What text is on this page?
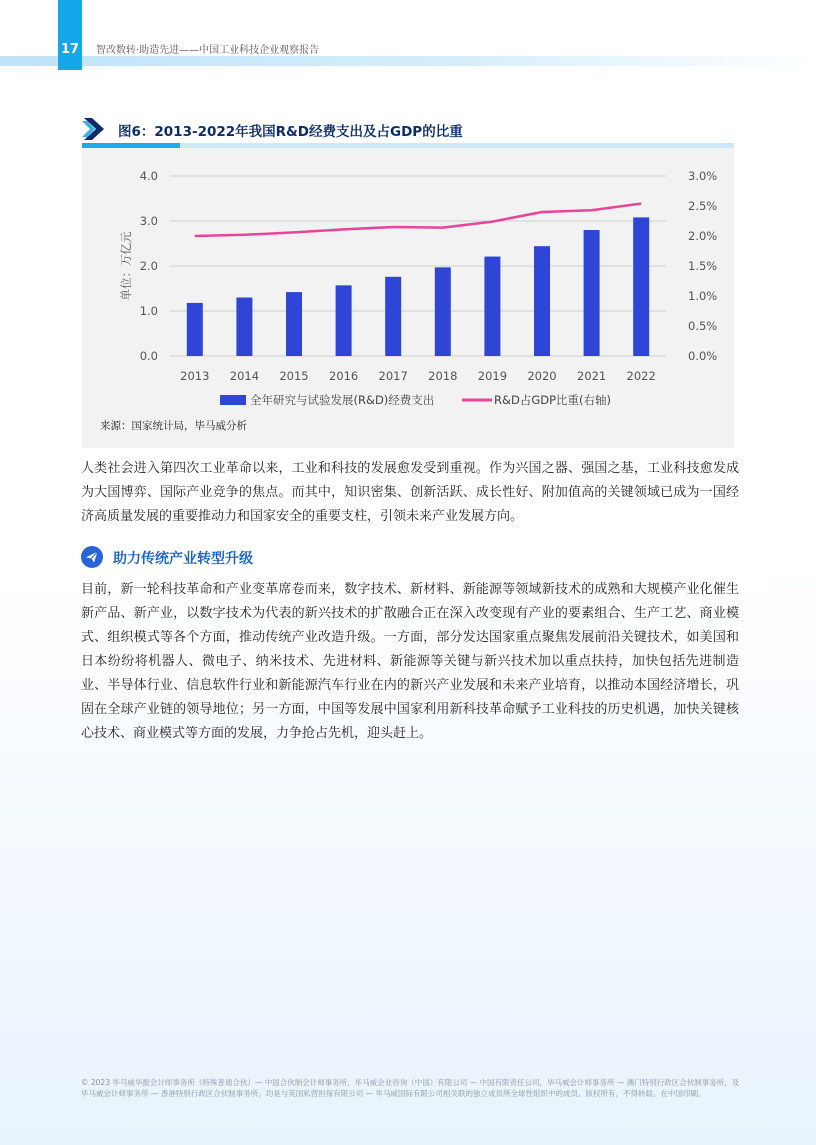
17 智改数转·助造先进——中国工业科技企业观察报告
图6：2013-2022年我国R&D经费支出及占GDP的比重
0.0
1.0
2.0
3.0
4.0
0.0%
0.5%
1.0%
1.5%
2.0%
2.5%
3.0%
单位：万亿元
2013 2014 2015 2016 2017 2018 2019 2020 2021 2022
全年研究与试验发展(R&D)经费支出	R&D占GDP比重(右轴)
来源：国家统计局，毕马威分析
人类社会进入第四次工业革命以来，工业和科技的发展愈发受到重视。作为兴国之器、强国之基，工业科技愈发成为大国博弈、国际产业竞争的焦点。而其中，知识密集、创新活跃、成长性好、附加值高的关键领域已成为一国经济高质量发展的重要推动力和国家安全的重要支柱，引领未来产业发展方向。
助力传统产业转型升级
目前，新一轮科技革命和产业变革席卷而来，数字技术、新材料、新能源等领域新技术的成熟和大规模产业化催生新产品、新产业，以数字技术为代表的新兴技术的扩散融合正在深入改变现有产业的要素组合、生产工艺、商业模式、组织模式等各个方面，推动传统产业改造升级。一方面，部分发达国家重点聚焦发展前沿关键技术，如美国和日本纷纷将机器人、微电子、纳米技术、先进材料、新能源等关键与新兴技术加以重点扶持，加快包括先进制造业、半导体行业、信息软件行业和新能源汽车行业在内的新兴产业发展和未来产业培育，以推动本国经济增长，巩固在全球产业链的领导地位；另一方面，中国等发展中国家利用新科技革命赋予工业科技的历史机遇，加快关键核心技术、商业模式等方面的发展，力争抢占先机，迎头赶上。
© 2023 毕马威华振会计师事务所（特殊普通合伙）— 中国合伙制会计师事务所，毕马威企业咨询（中国）有限公司 — 中国有限责任公司，毕马威会计师事务所 — 澳门特别行政区合伙制事务所，及毕马威会计师事务所 — 香港特别行政区合伙制事务所，均是与英国私营担保有限公司 — 毕马威国际有限公司相关联的独立成员所全球性组织中的成员。版权所有，不得转载。在中国印刷。
